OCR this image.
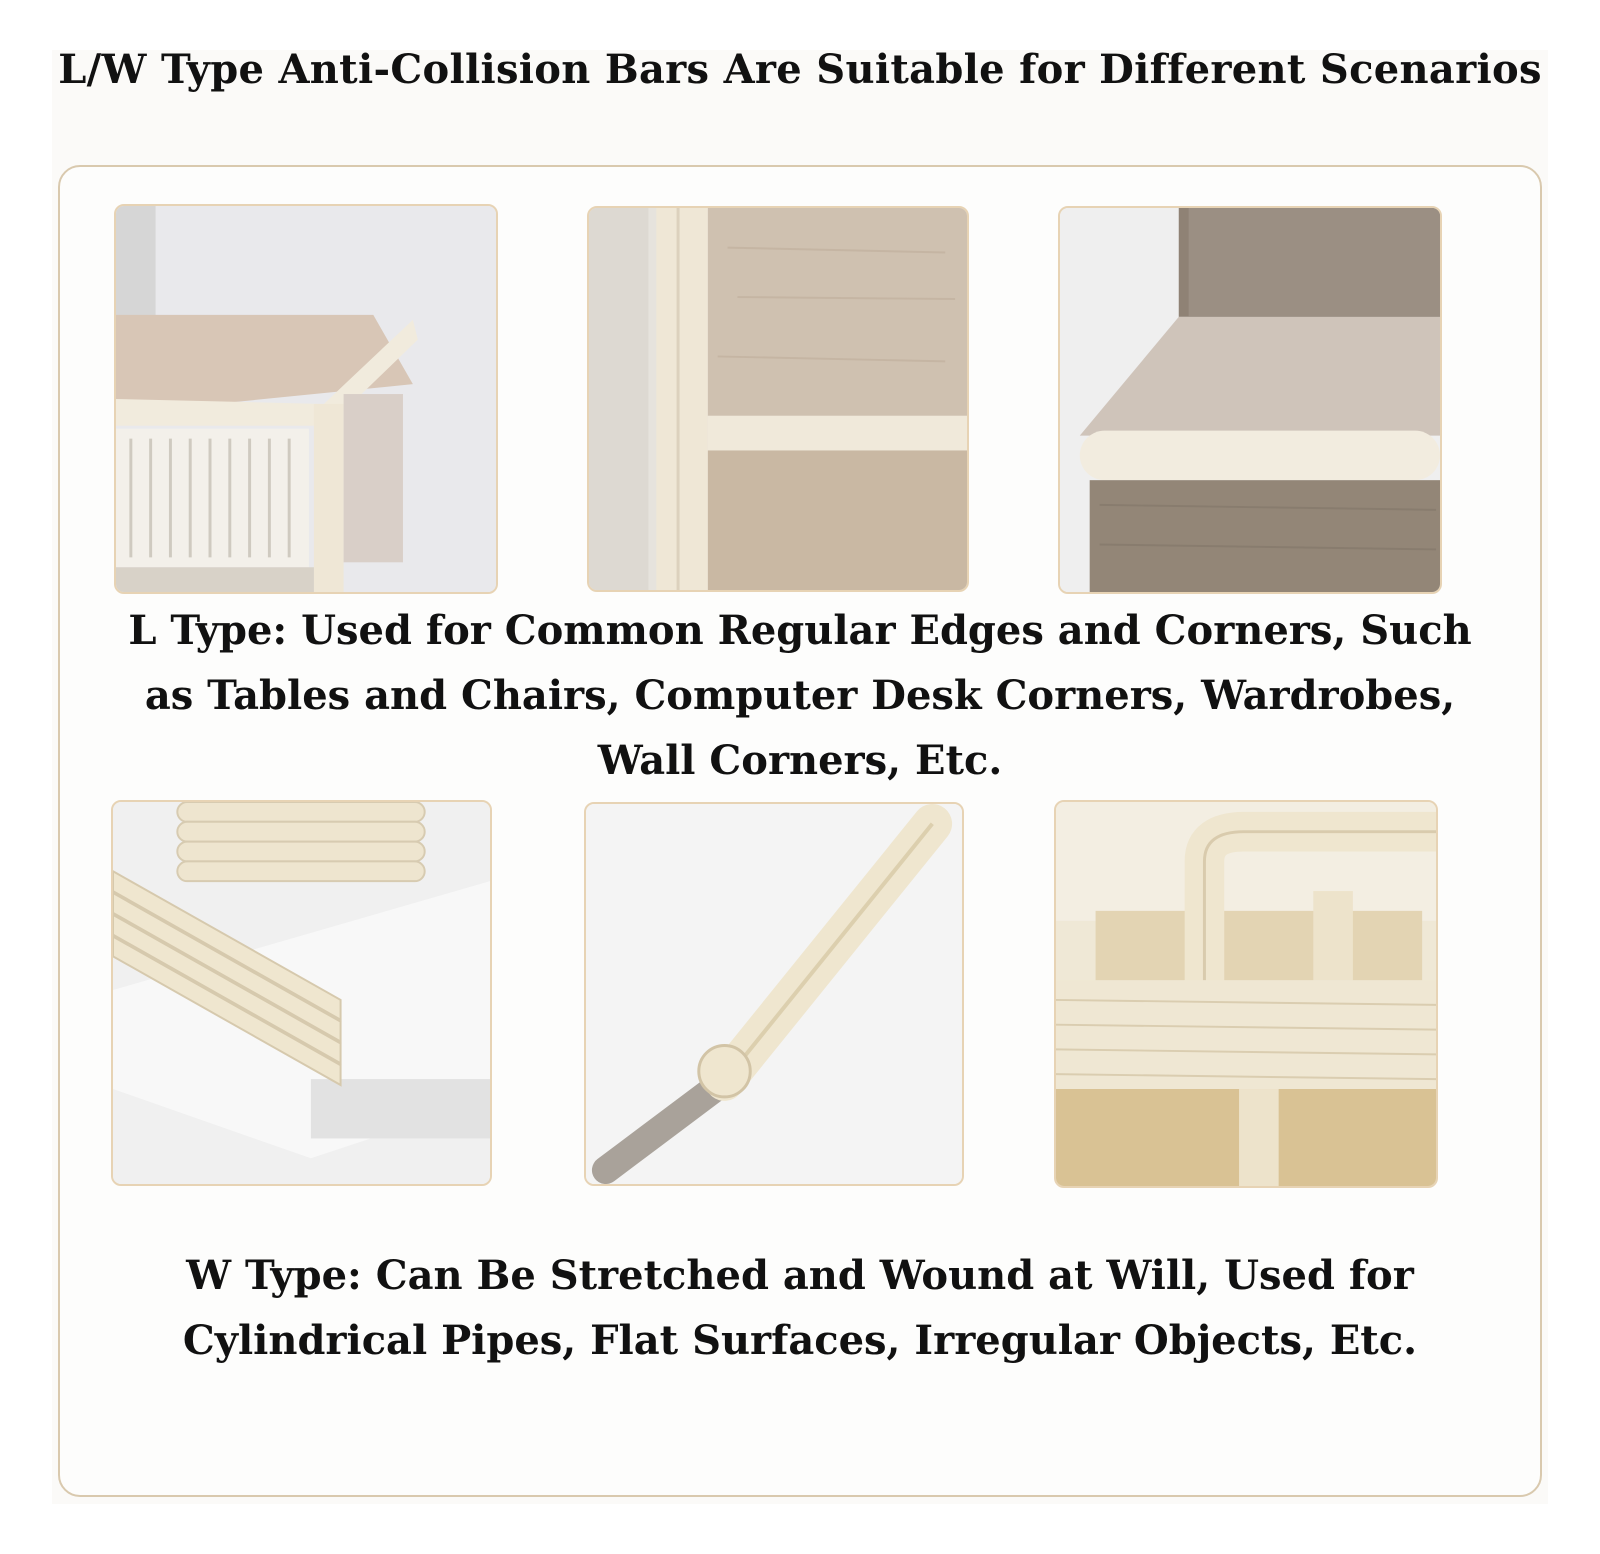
L/W Type Anti-Collision Bars Are Suitable for Different Scenarios
L Type: Used for Common Regular Edges and Corners, Such as Tables and Chairs, Computer Desk Corners, Wardrobes, Wall Corners, Etc.
W Type: Can Be Stretched and Wound at Will, Used for Cylindrical Pipes, Flat Surfaces, Irregular Objects, Etc.
